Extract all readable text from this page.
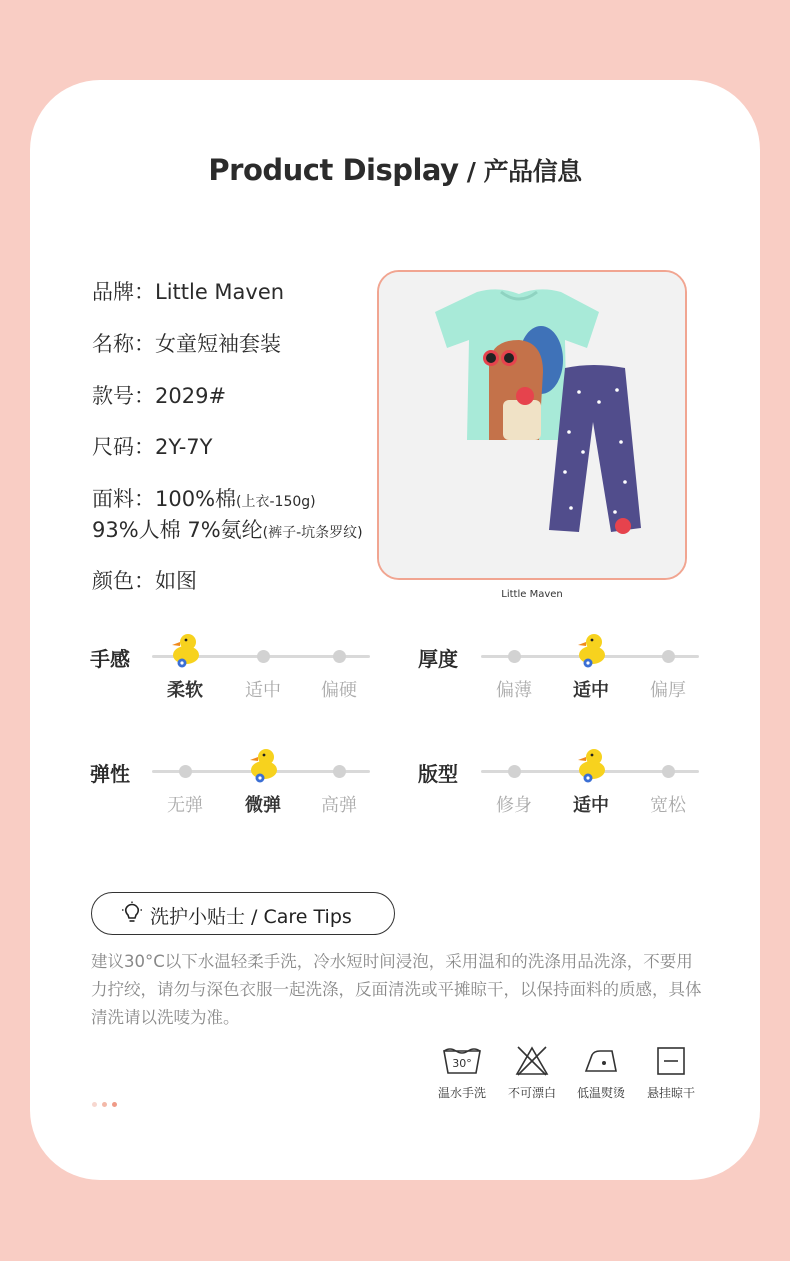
Product Display / 产品信息
品牌：Little Maven
名称：女童短袖套装
款号：2029#
尺码：2Y-7Y
面料：100%棉(上衣-150g)
93%人棉 7%氨纶(裤子-坑条罗纹)
颜色：如图
Little Maven
手感
柔软	适中	偏硬
厚度
偏薄	适中	偏厚
弹性
无弹	微弹	高弹
版型
修身	适中	宽松
洗护小贴士 / Care Tips
建议30°C以下水温轻柔手洗，冷水短时间浸泡，采用温和的洗涤用品洗涤，不要用力拧绞，请勿与深色衣服一起洗涤，反面清洗或平摊晾干，以保持面料的质感，具体清洗请以洗唛为准。
30°
温水手洗	不可漂白	低温熨烫	悬挂晾干
